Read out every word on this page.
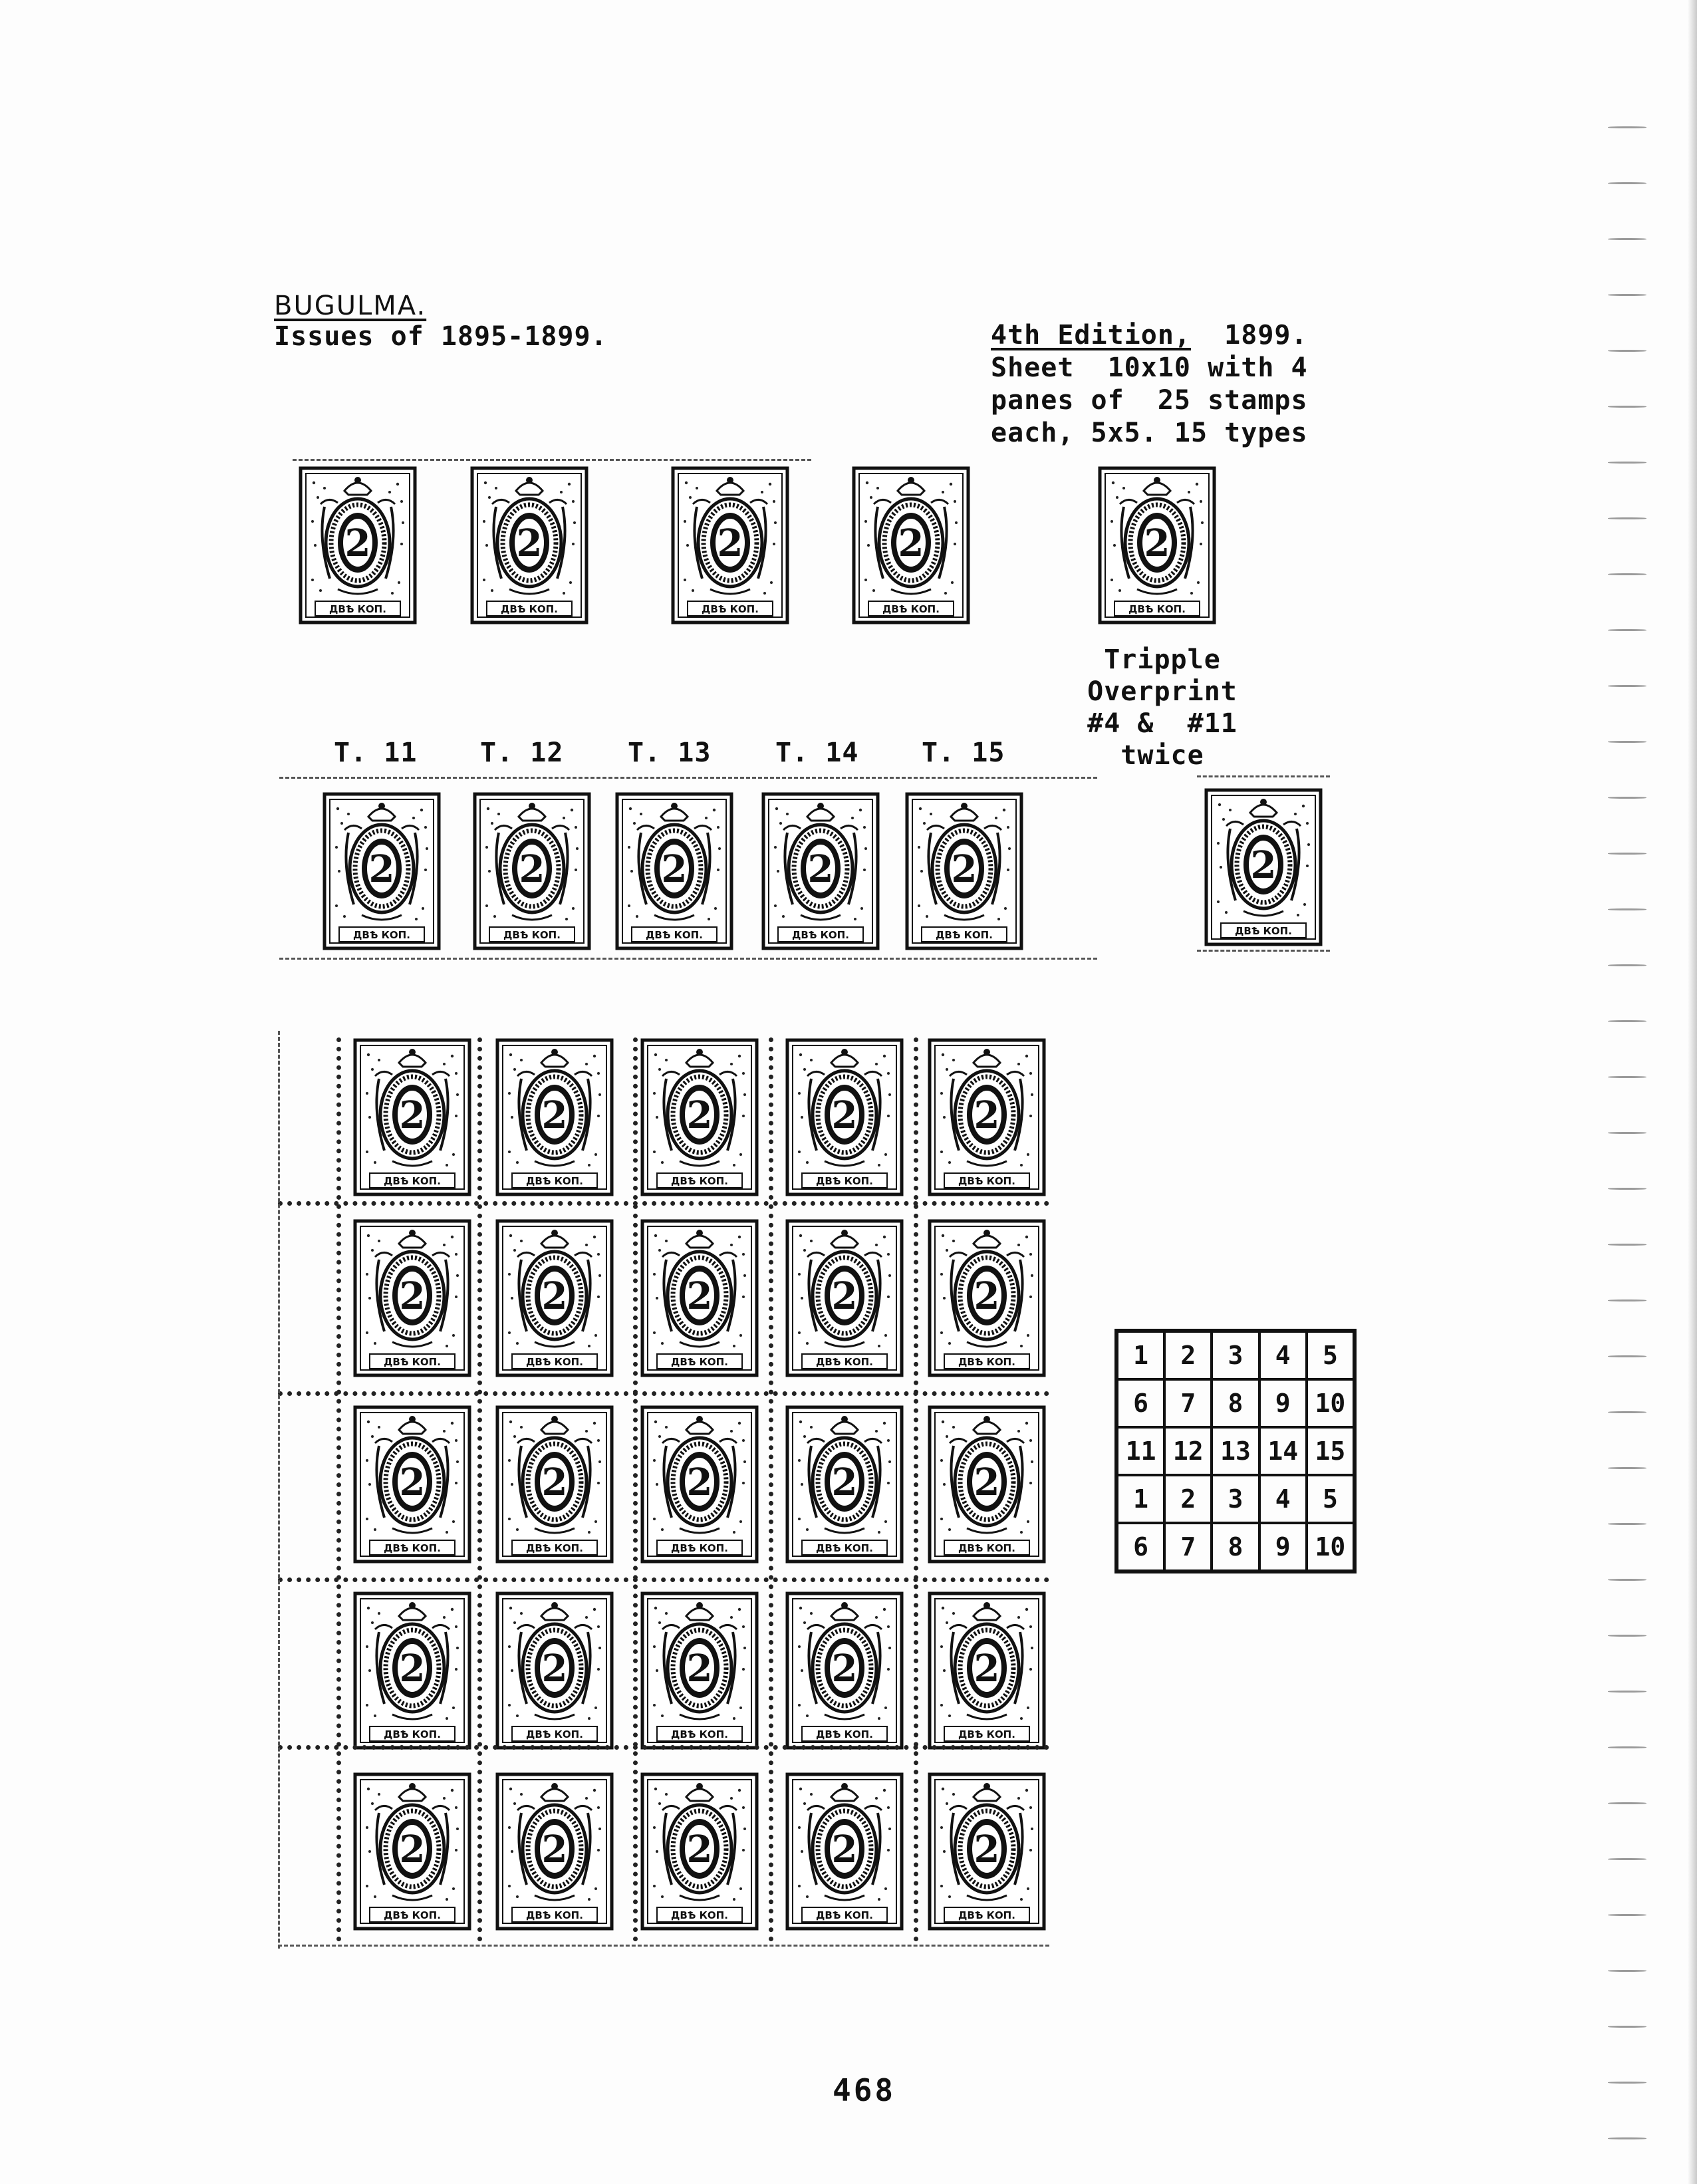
BUGULMA.
Issues of 1895-1899.	4th Edition, 1899.
Sheet  10x10 with 4
panes of  25 stamps
each, 5x5. 15 types
Tripple
Overprint
#4 &  #11
twice
T. 11 T. 12 T. 13 T. 14 T. 15
2
ДВѢ КОП.
2
ДВѢ КОП.
2
ДВѢ КОП.
2
ДВѢ КОП.
2
ДВѢ КОП.
2
ДВѢ КОП.
2
ДВѢ КОП.
2
ДВѢ КОП.
2
ДВѢ КОП.
2
ДВѢ КОП.
2
ДВѢ КОП.
2
ДВѢ КОП.
2
ДВѢ КОП.
2
ДВѢ КОП.
2
ДВѢ КОП.
2
ДВѢ КОП.
2
ДВѢ КОП.
2
ДВѢ КОП.
2
ДВѢ КОП.
2
ДВѢ КОП.
2
ДВѢ КОП.
2
ДВѢ КОП.
2
ДВѢ КОП.
2
ДВѢ КОП.
2
ДВѢ КОП.
2
ДВѢ КОП.
2
ДВѢ КОП.
2
ДВѢ КОП.
2
ДВѢ КОП.
2
ДВѢ КОП.
2
ДВѢ КОП.
2
ДВѢ КОП.
2
ДВѢ КОП.
2
ДВѢ КОП.
2
ДВѢ КОП.
2
ДВѢ КОП.
1	2	3	4	5
6	7	8	9 10
11 12 13 14 15
1	2	3	4	5
6	7	8	9 10
468
